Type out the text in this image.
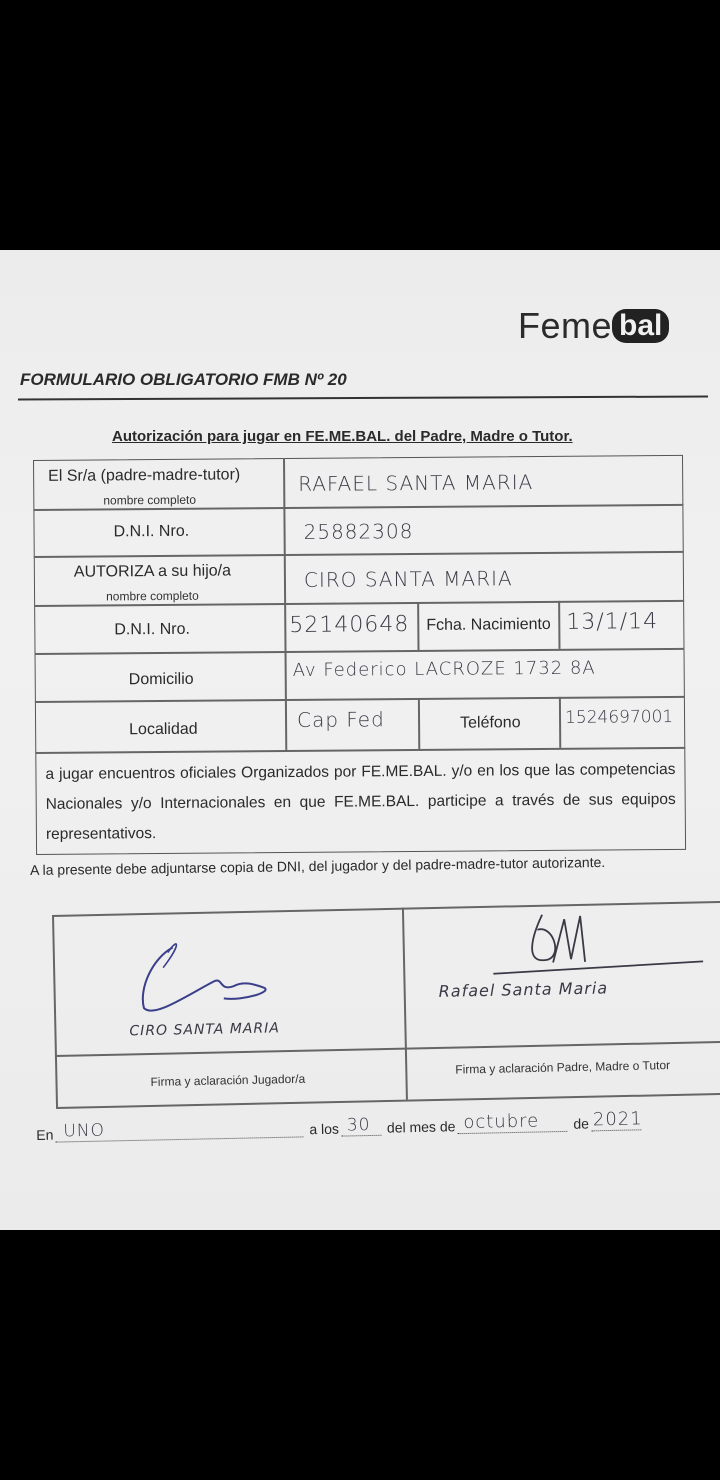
Feme bal
FORMULARIO OBLIGATORIO FMB Nº 20
Autorización para jugar en FE.ME.BAL. del Padre, Madre o Tutor.
El Sr/a (padre-madre-tutor)
nombre completo
RAFAEL SANTA MARIA
D.N.I. Nro.	25882308
AUTORIZA a su hijo/a
nombre completo
CIRO SANTA MARIA
D.N.I. Nro.	52140648 Fcha. Nacimiento 13/1/14
Domicilio	Av Federico LACROZE 1732 8A
Localidad	Cap Fed	Teléfono	1524697001
a jugar encuentros oficiales Organizados por FE.ME.BAL. y/o en los que las competencias Nacionales y/o Internacionales en que FE.ME.BAL. participe a través de sus equipos representativos.
A la presente debe adjuntarse copia de DNI, del jugador y del padre-madre-tutor autorizante.
CIRO SANTA MARIA
Rafael Santa Maria
Firma y aclaración Jugador/a
Firma y aclaración Padre, Madre o Tutor
En UNO	a los 30 del mes de octubre de 2021
